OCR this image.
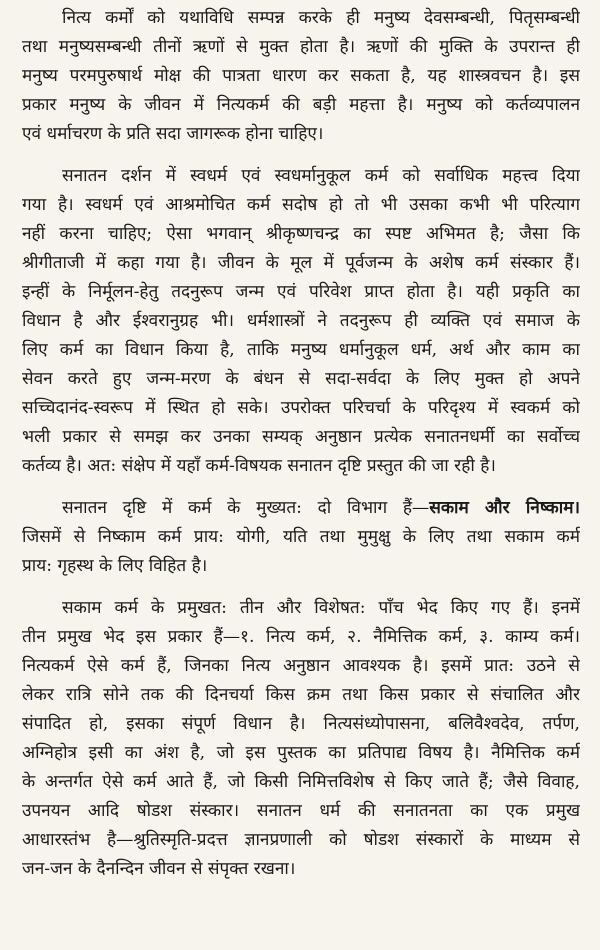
नित्य कर्मों को यथाविधि सम्पन्न करके ही मनुष्य देवसम्बन्धी, पितृसम्बन्धी
तथा मनुष्यसम्बन्धी तीनों ऋणों से मुक्त होता है। ऋणों की मुक्ति के उपरान्त ही
मनुष्य परमपुरुषार्थ मोक्ष की पात्रता धारण कर सकता है, यह शास्त्रवचन है। इस
प्रकार मनुष्य के जीवन में नित्यकर्म की बड़ी महत्ता है। मनुष्य को कर्तव्यपालन
एवं धर्माचरण के प्रति सदा जागरूक होना चाहिए।
सनातन दर्शन में स्वधर्म एवं स्वधर्मानुकूल कर्म को सर्वाधिक महत्त्व दिया
गया है। स्वधर्म एवं आश्रमोचित कर्म सदोष हो तो भी उसका कभी भी परित्याग
नहीं करना चाहिए; ऐसा भगवान् श्रीकृष्णचन्द्र का स्पष्ट अभिमत है; जैसा कि
श्रीगीताजी में कहा गया है। जीवन के मूल में पूर्वजन्म के अशेष कर्म संस्कार हैं।
इन्हीं के निर्मूलन-हेतु तदनुरूप जन्म एवं परिवेश प्राप्त होता है। यही प्रकृति का
विधान है और ईश्वरानुग्रह भी। धर्मशास्त्रों ने तदनुरूप ही व्यक्ति एवं समाज के
लिए कर्म का विधान किया है, ताकि मनुष्य धर्मानुकूल धर्म, अर्थ और काम का
सेवन करते हुए जन्म-मरण के बंधन से सदा-सर्वदा के लिए मुक्त हो अपने
सच्चिदानंद-स्वरूप में स्थित हो सके। उपरोक्त परिचर्चा के परिदृश्य में स्वकर्म को
भली प्रकार से समझ कर उनका सम्यक् अनुष्ठान प्रत्येक सनातनधर्मी का सर्वोच्च
कर्तव्य है। अत: संक्षेप में यहाँ कर्म-विषयक सनातन दृष्टि प्रस्तुत की जा रही है।
सनातन दृष्टि में कर्म के मुख्यत: दो विभाग हैं—सकाम और निष्काम।
जिसमें से निष्काम कर्म प्राय: योगी, यति तथा मुमुक्षु के लिए तथा सकाम कर्म
प्राय: गृहस्थ के लिए विहित है।
सकाम कर्म के प्रमुखत: तीन और विशेषत: पाँच भेद किए गए हैं। इनमें
तीन प्रमुख भेद इस प्रकार हैं—१. नित्य कर्म, २. नैमित्तिक कर्म, ३. काम्य कर्म।
नित्यकर्म ऐसे कर्म हैं, जिनका नित्य अनुष्ठान आवश्यक है। इसमें प्रात: उठने से
लेकर रात्रि सोने तक की दिनचर्या किस क्रम तथा किस प्रकार से संचालित और
संपादित हो, इसका संपूर्ण विधान है। नित्यसंध्योपासना, बलिवैश्वदेव, तर्पण,
अग्निहोत्र इसी का अंश है, जो इस पुस्तक का प्रतिपाद्य विषय है। नैमित्तिक कर्म
के अन्तर्गत ऐसे कर्म आते हैं, जो किसी निमित्तविशेष से किए जाते हैं; जैसे विवाह,
उपनयन आदि षोडश संस्कार। सनातन धर्म की सनातनता का एक प्रमुख
आधारस्तंभ है—श्रुतिस्मृति-प्रदत्त ज्ञानप्रणाली को षोडश संस्कारों के माध्यम से
जन-जन के दैनन्दिन जीवन से संपृक्त रखना।
